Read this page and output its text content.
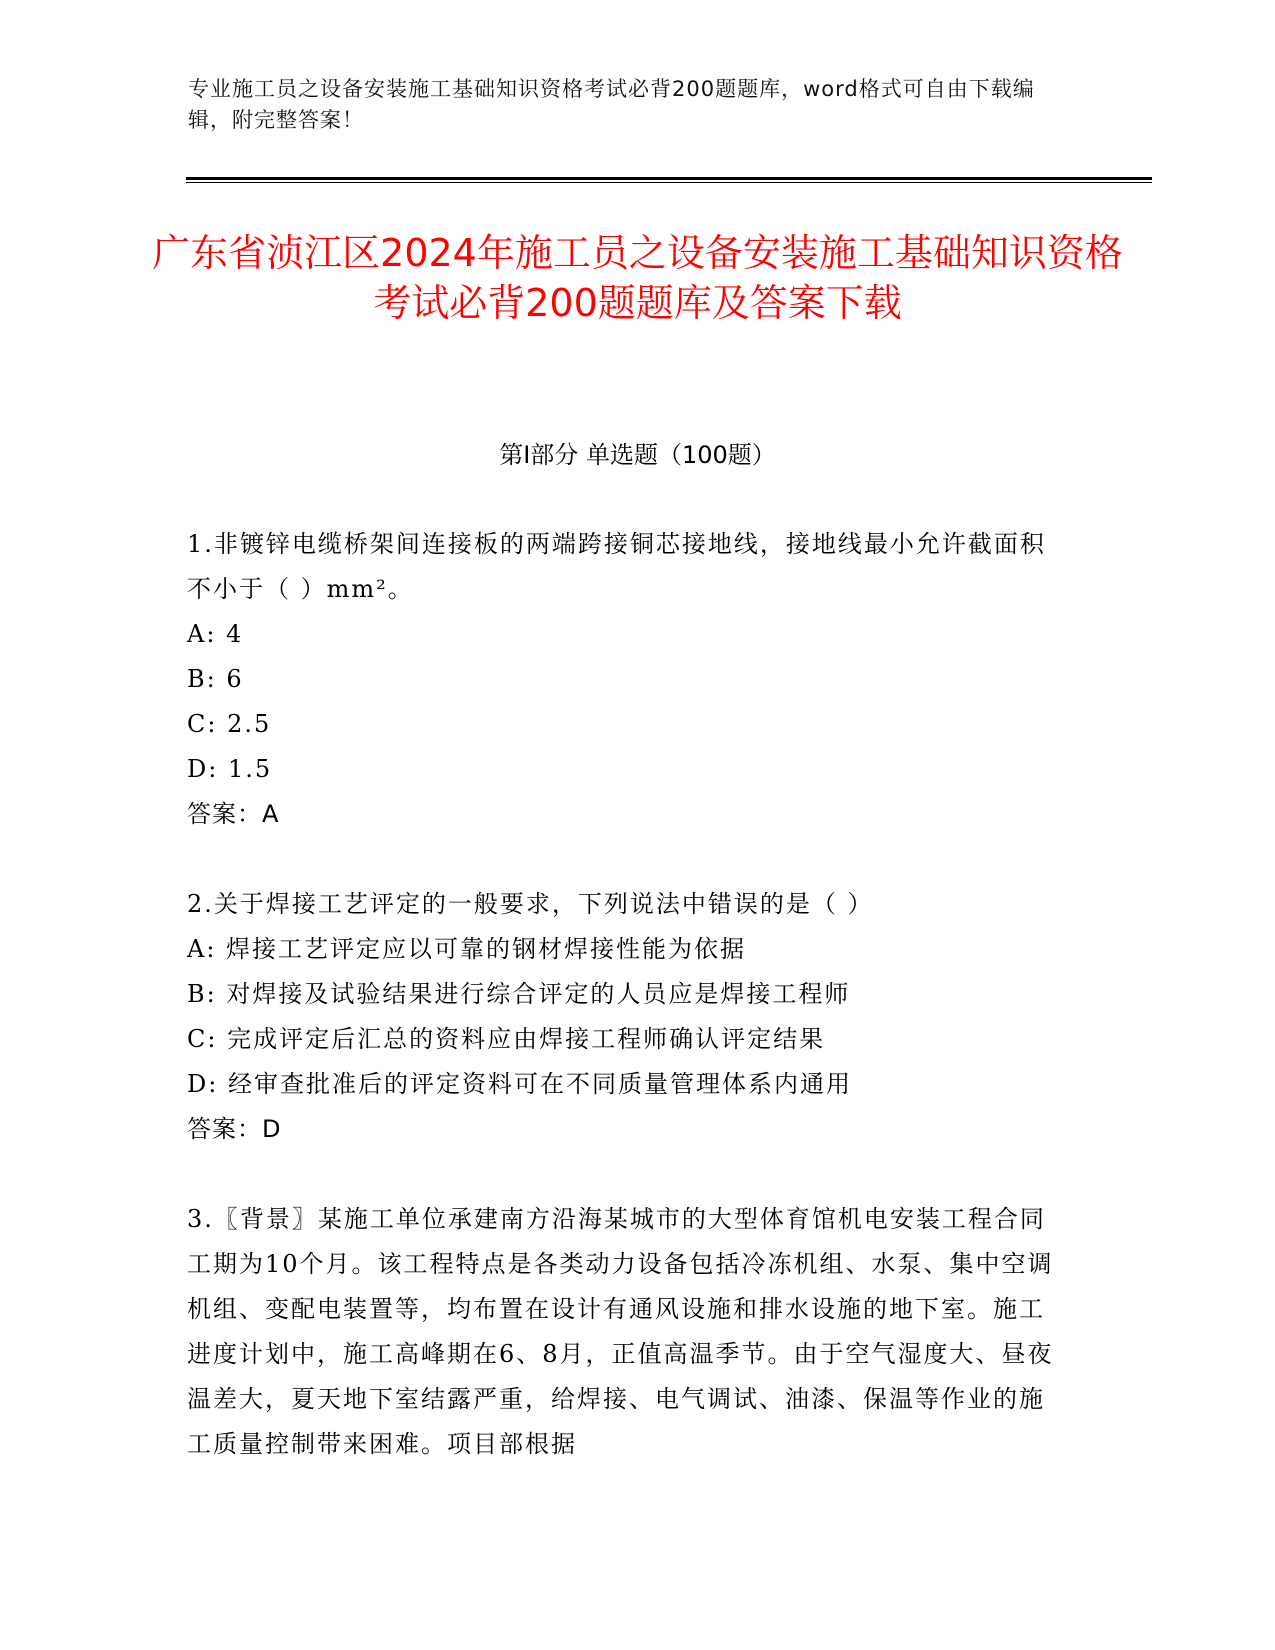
专业施工员之设备安装施工基础知识资格考试必背200题题库，word格式可自由下载编辑，附完整答案！
广东省浈江区2024年施工员之设备安装施工基础知识资格考试必背200题题库及答案下载
第I部分 单选题（100题）

1.非镀锌电缆桥架间连接板的两端跨接铜芯接地线，接地线最小允许截面积不小于（ ）mm²。

A: 4

B: 6

C: 2.5

D: 1.5

答案：A

2.关于焊接工艺评定的一般要求，下列说法中错误的是（ ）

A: 焊接工艺评定应以可靠的钢材焊接性能为依据

B: 对焊接及试验结果进行综合评定的人员应是焊接工程师

C: 完成评定后汇总的资料应由焊接工程师确认评定结果

D: 经审查批准后的评定资料可在不同质量管理体系内通用

答案：D

3.〖背景〗某施工单位承建南方沿海某城市的大型体育馆机电安装工程合同工期为10个月。该工程特点是各类动力设备包括冷冻机组、水泵、集中空调机组、变配电装置等，均布置在设计有通风设施和排水设施的地下室。施工进度计划中，施工高峰期在6、8月，正值高温季节。由于空气湿度大、昼夜温差大，夏天地下室结露严重，给焊接、电气调试、油漆、保温等作业的施工质量控制带来困难。项目部根据
